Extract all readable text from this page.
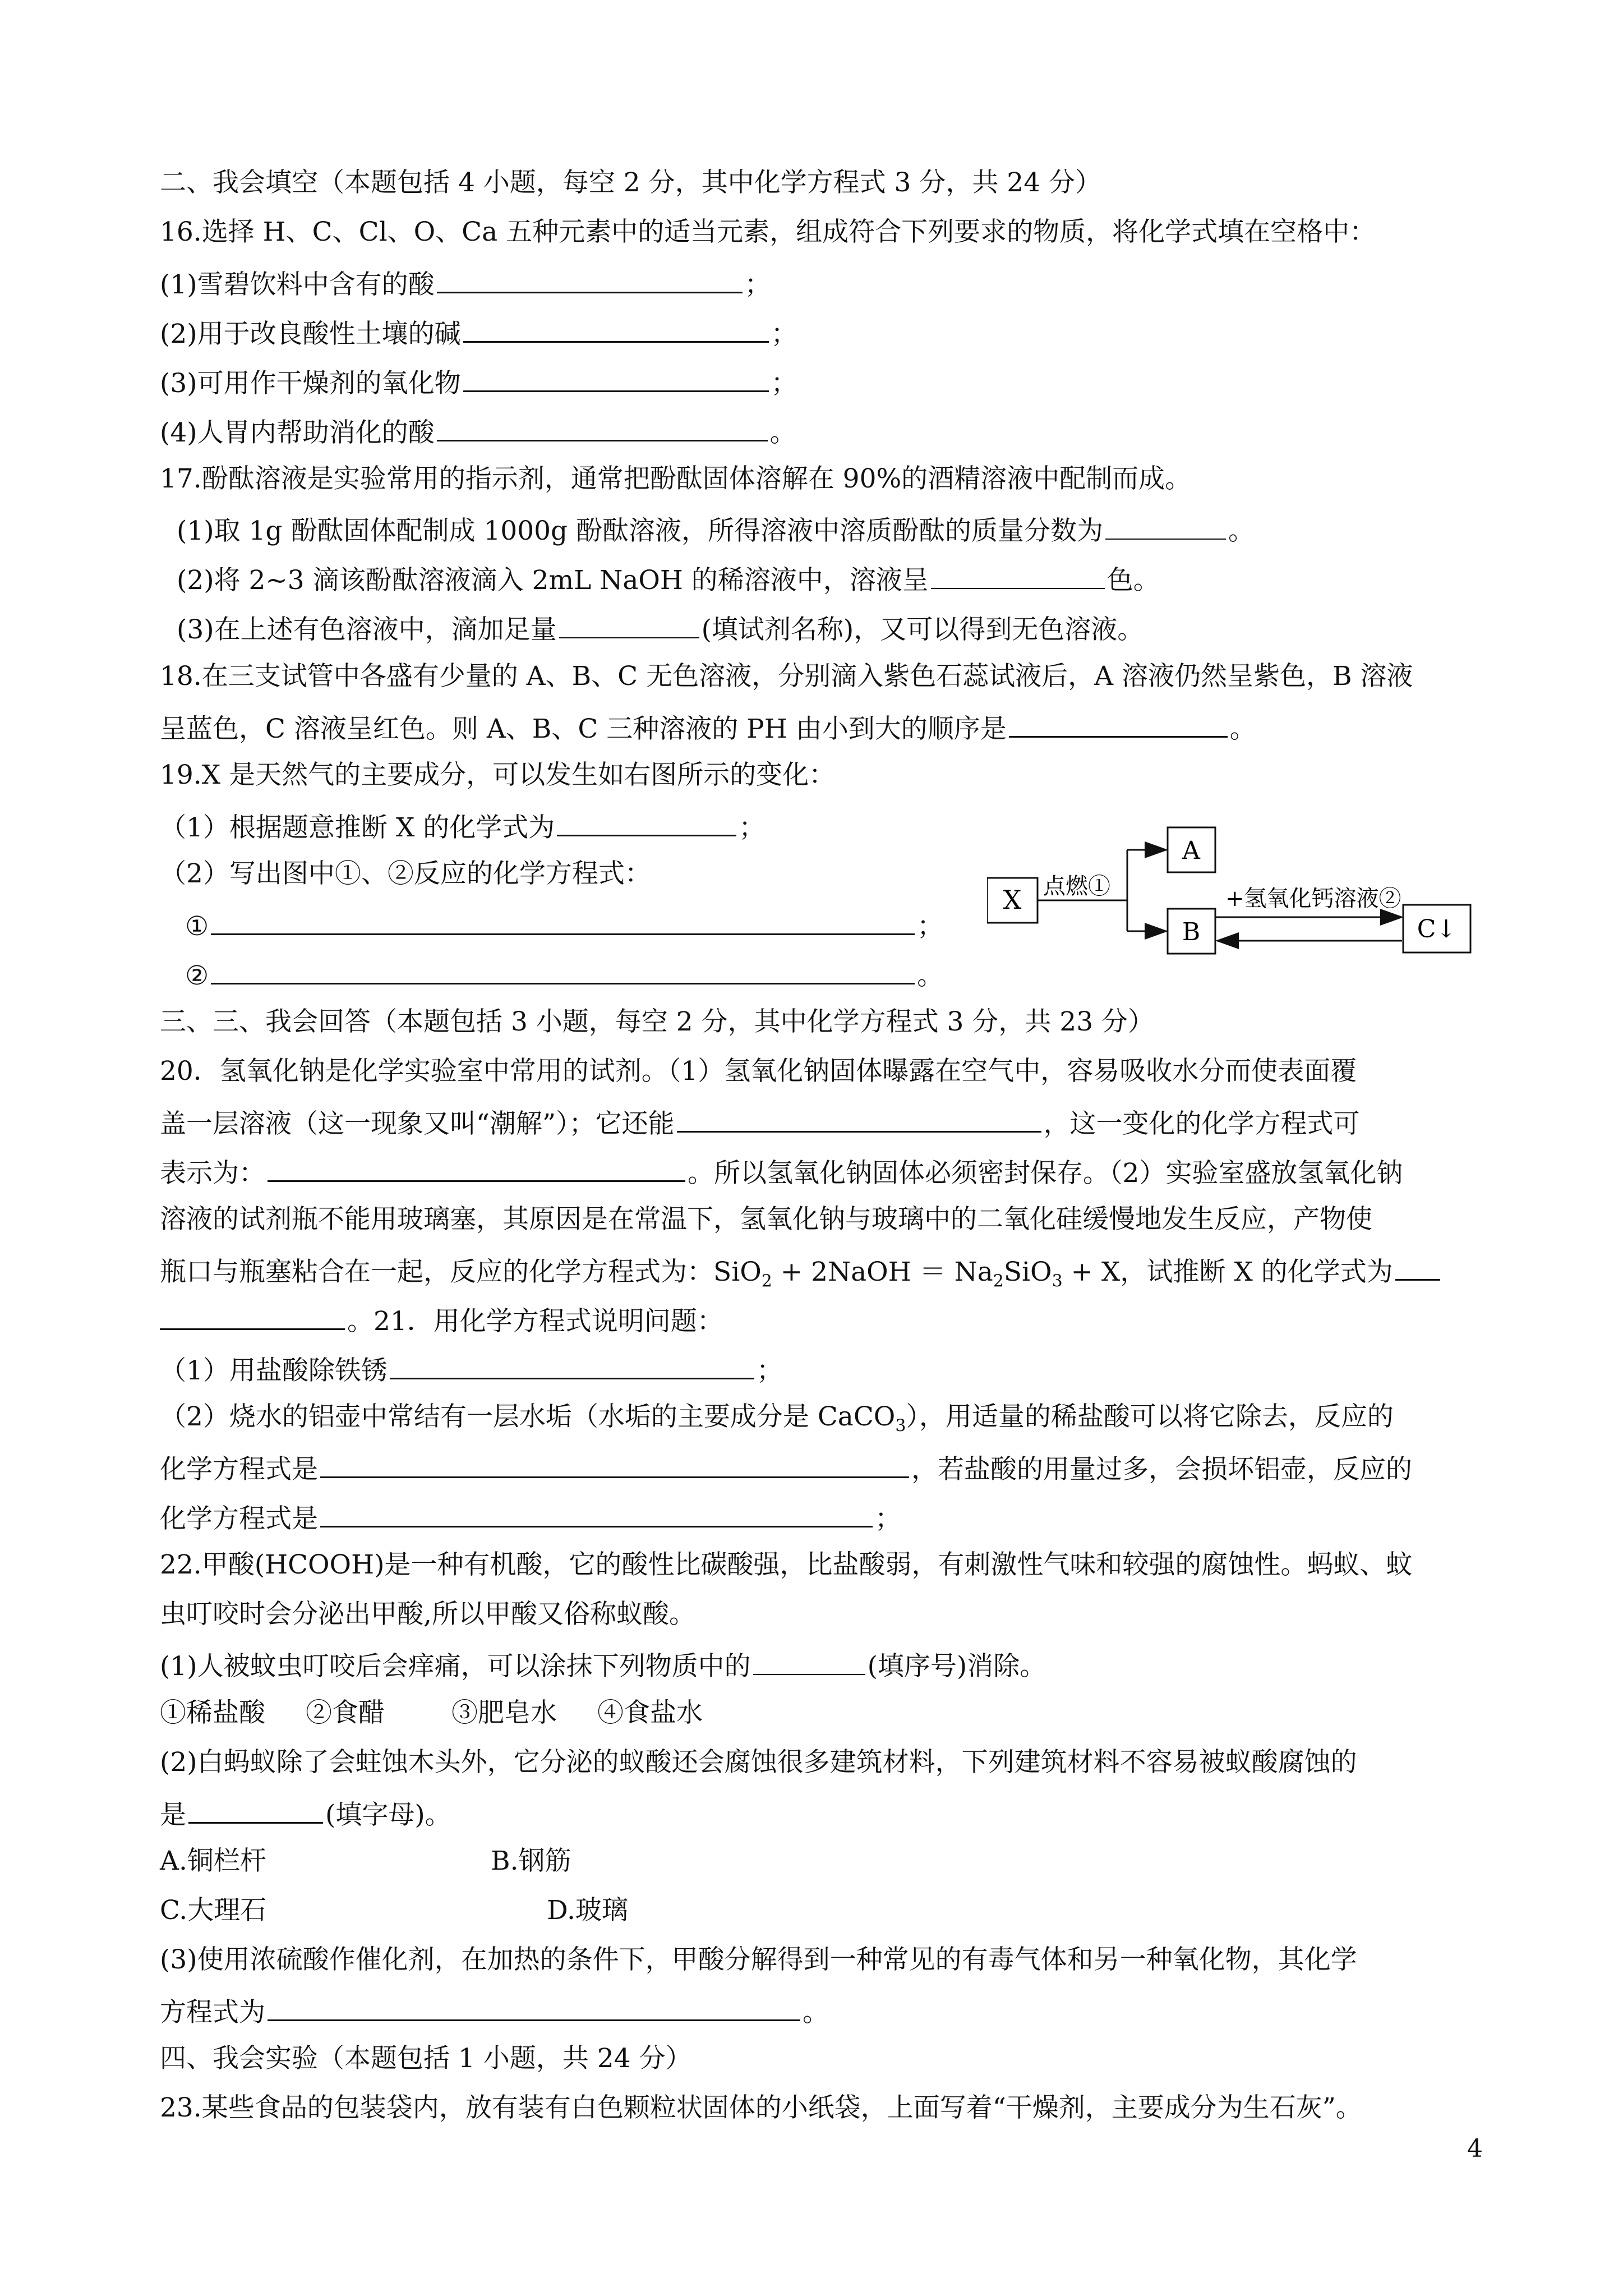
二、我会填空（本题包括 4 小题，每空 2 分，其中化学方程式 3 分，共 24 分）
16.选择 H、C、Cl、O、Ca 五种元素中的适当元素，组成符合下列要求的物质，将化学式填在空格中：
(1)雪碧饮料中含有的酸	；
(2)用于改良酸性土壤的碱	；
(3)可用作干燥剂的氧化物	；
(4)人胃内帮助消化的酸	。
17.酚酞溶液是实验常用的指示剂，通常把酚酞固体溶解在 90%的酒精溶液中配制而成。
(1)取 1g 酚酞固体配制成 1000g 酚酞溶液，所得溶液中溶质酚酞的质量分数为	。
(2)将 2~3 滴该酚酞溶液滴入 2mL NaOH 的稀溶液中，溶液呈	色。
(3)在上述有色溶液中，滴加足量	(填试剂名称)，又可以得到无色溶液。
18.在三支试管中各盛有少量的 A、B、C 无色溶液，分别滴入紫色石蕊试液后，A 溶液仍然呈紫色，B 溶液
呈蓝色，C 溶液呈红色。则 A、B、C 三种溶液的 PH 由小到大的顺序是	。
19.X 是天然气的主要成分，可以发生如右图所示的变化：
（1）根据题意推断 X 的化学式为	；
（2）写出图中①、②反应的化学方程式：
①	；
②	。
X 点燃①
A
B
+氢氧化钙溶液②
C↓
三、三、我会回答（本题包括 3 小题，每空 2 分，其中化学方程式 3 分，共 23 分）
20．氢氧化钠是化学实验室中常用的试剂。（1）氢氧化钠固体曝露在空气中，容易吸收水分而使表面覆
盖一层溶液（这一现象又叫“潮解”）；它还能	，这一变化的化学方程式可
表示为：	。所以氢氧化钠固体必须密封保存。（2）实验室盛放氢氧化钠
溶液的试剂瓶不能用玻璃塞，其原因是在常温下，氢氧化钠与玻璃中的二氧化硅缓慢地发生反应，产物使
瓶口与瓶塞粘合在一起，反应的化学方程式为：SiO$_2$ + 2NaOH ＝ $Na_2SiO_3 + X$，试推断 X 的化学式为
。21．用化学方程式说明问题：
（1）用盐酸除铁锈	；
（2）烧水的铝壶中常结有一层水垢（水垢的主要成分是 CaCO$_3$），用适量的稀盐酸可以将它除去，反应的
化学方程式是	，若盐酸的用量过多，会损坏铝壶，反应的
化学方程式是	；
22.甲酸(HCOOH)是一种有机酸，它的酸性比碳酸强，比盐酸弱，有刺激性气味和较强的腐蚀性。蚂蚁、蚊
虫叮咬时会分泌出甲酸,所以甲酸又俗称蚁酸。
(1)人被蚊虫叮咬后会痒痛，可以涂抹下列物质中的	(填序号)消除。
①稀盐酸 ②食醋	③肥皂水 ④食盐水
(2)白蚂蚁除了会蛀蚀木头外，它分泌的蚁酸还会腐蚀很多建筑材料，下列建筑材料不容易被蚁酸腐蚀的
是	(填字母)。
A.铜栏杆	B.钢筋
C.大理石	D.玻璃
(3)使用浓硫酸作催化剂，在加热的条件下，甲酸分解得到一种常见的有毒气体和另一种氧化物，其化学
方程式为	。
四、我会实验（本题包括 1 小题，共 24 分）
23.某些食品的包装袋内，放有装有白色颗粒状固体的小纸袋，上面写着“干燥剂，主要成分为生石灰”。
4
